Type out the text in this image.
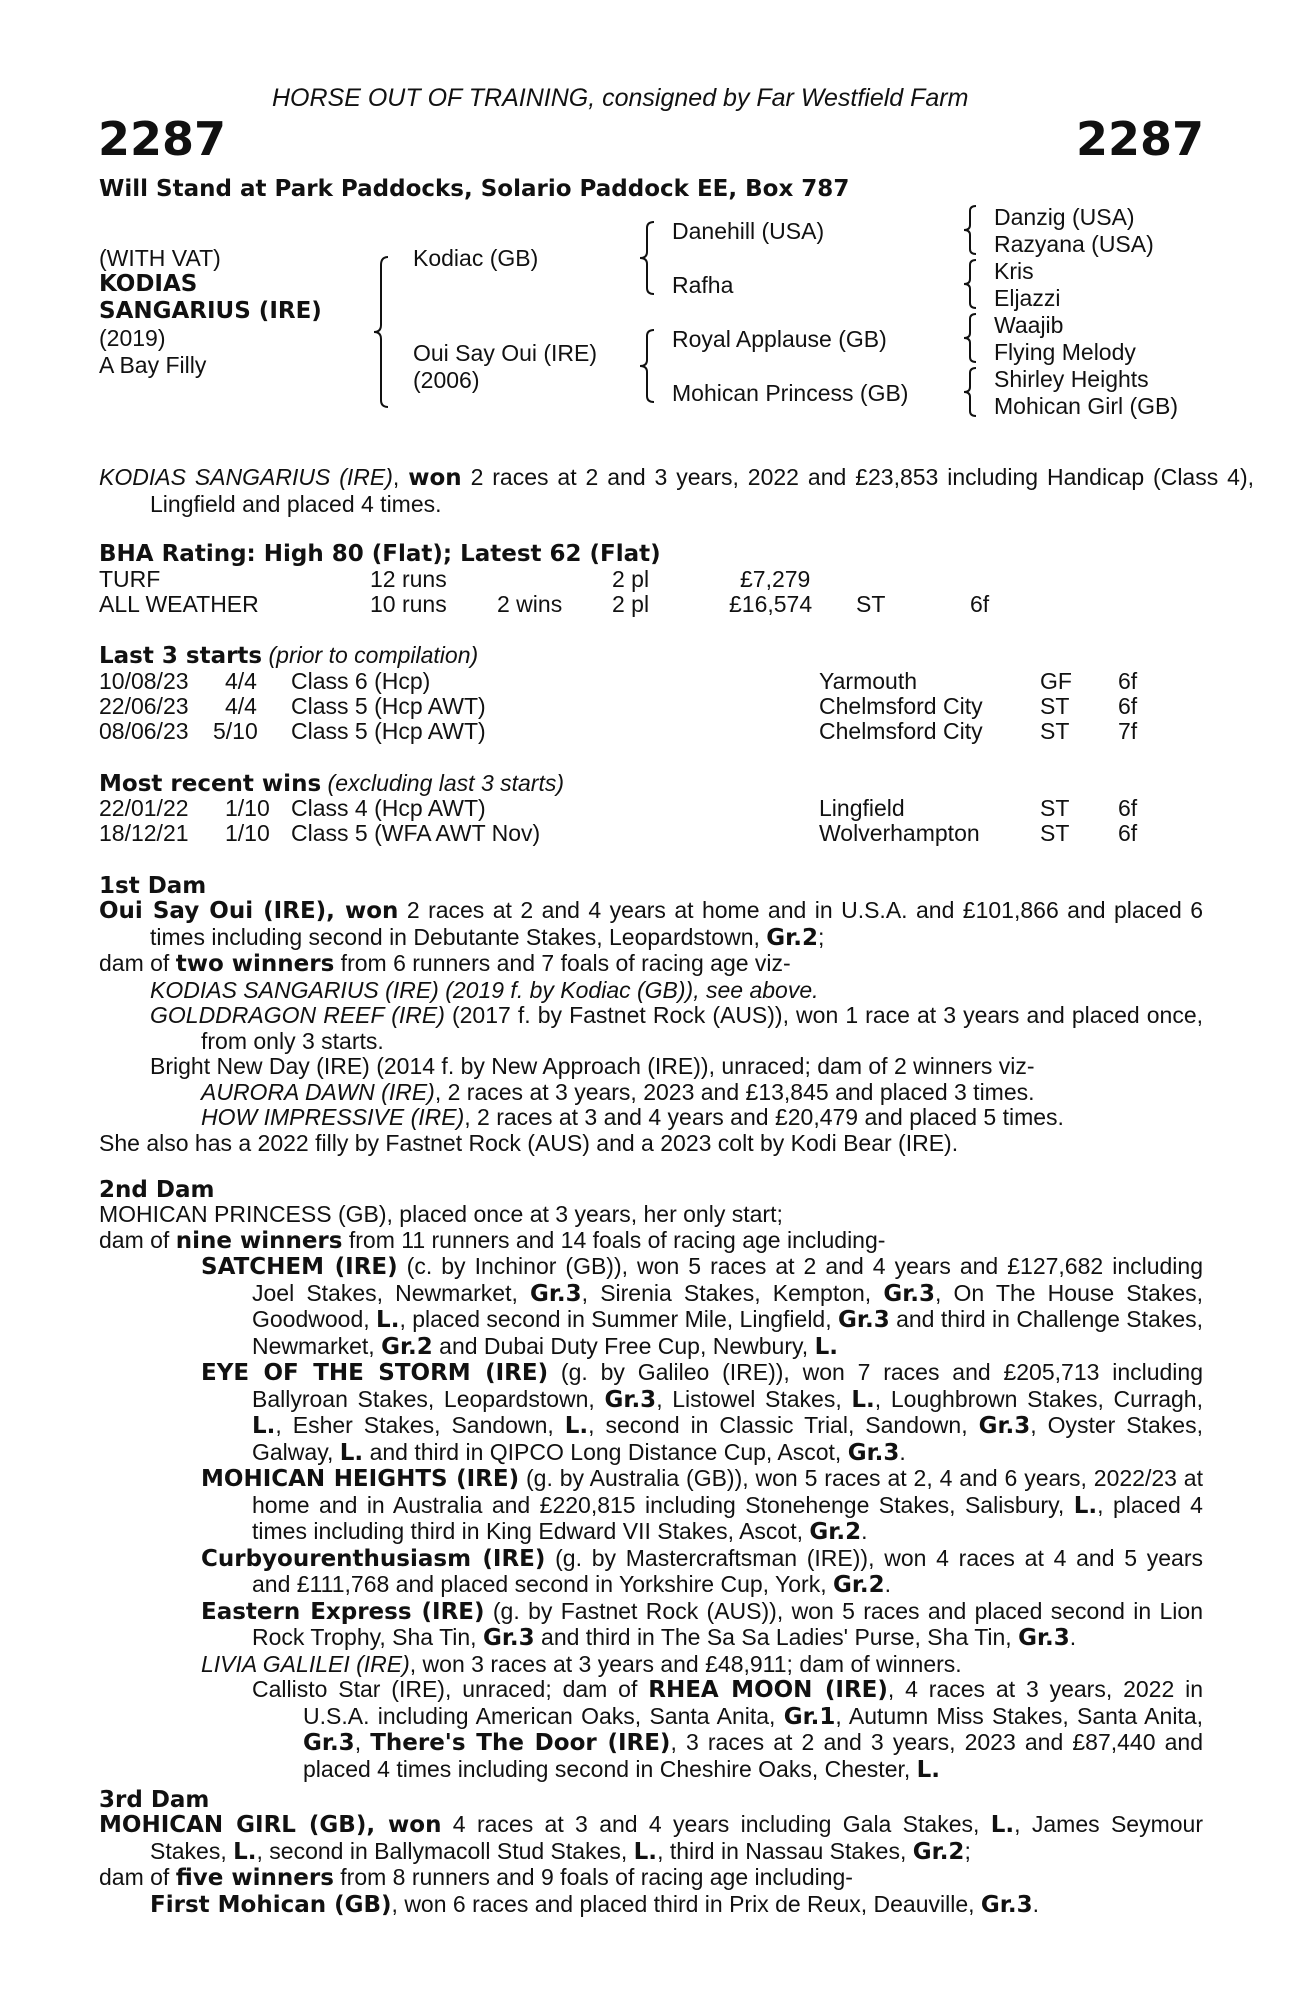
HORSE OUT OF TRAINING, consigned by Far Westfield Farm
2287	2287
Will Stand at Park Paddocks, Solario Paddock EE, Box 787
(WITH VAT)
KODIAS
SANGARIUS (IRE)
(2019)
A Bay Filly
Kodiac (GB)
Oui Say Oui (IRE)
(2006)
Danehill (USA)
Rafha
Royal Applause (GB)
Mohican Princess (GB)
Danzig (USA)
Razyana (USA)
Kris
Eljazzi
Waajib
Flying Melody
Shirley Heights
Mohican Girl (GB)
KODIAS SANGARIUS (IRE), won 2 races at 2 and 3 years, 2022 and £23,853 including Handicap (Class 4), Lingfield and placed 4 times.
BHA Rating: High 80 (Flat); Latest 62 (Flat)
TURF	12 runs	2 pl	£7,279
ALL WEATHER	10 runs 2 wins 2 pl	£16,574 ST	6f
Last 3 starts (prior to compilation)
10/08/23 4/4 Class 6 (Hcp)	Yarmouth	GF 6f
22/06/23 4/4 Class 5 (Hcp AWT)	Chelmsford City ST 6f
08/06/23 5/10 Class 5 (Hcp AWT)	Chelmsford City ST 7f
Most recent wins (excluding last 3 starts)
22/01/22 1/10 Class 4 (Hcp AWT)	Lingfield	ST 6f
18/12/21 1/10 Class 5 (WFA AWT Nov)	Wolverhampton	ST 6f
1st Dam

Oui Say Oui (IRE), won 2 races at 2 and 4 years at home and in U.S.A. and £101,866 and placed 6 times including second in Debutante Stakes, Leopardstown, Gr.2;

dam of two winners from 6 runners and 7 foals of racing age viz-

KODIAS SANGARIUS (IRE) (2019 f. by Kodiac (GB)), see above.

GOLDDRAGON REEF (IRE) (2017 f. by Fastnet Rock (AUS)), won 1 race at 3 years and placed once, from only 3 starts.

Bright New Day (IRE) (2014 f. by New Approach (IRE)), unraced; dam of 2 winners viz-

AURORA DAWN (IRE), 2 races at 3 years, 2023 and £13,845 and placed 3 times.

HOW IMPRESSIVE (IRE), 2 races at 3 and 4 years and £20,479 and placed 5 times.

She also has a 2022 filly by Fastnet Rock (AUS) and a 2023 colt by Kodi Bear (IRE).

2nd Dam

MOHICAN PRINCESS (GB), placed once at 3 years, her only start;

dam of nine winners from 11 runners and 14 foals of racing age including-

SATCHEM (IRE) (c. by Inchinor (GB)), won 5 races at 2 and 4 years and £127,682 including Joel Stakes, Newmarket, Gr.3, Sirenia Stakes, Kempton, Gr.3, On The House Stakes, Goodwood, L., placed second in Summer Mile, Lingfield, Gr.3 and third in Challenge Stakes, Newmarket, Gr.2 and Dubai Duty Free Cup, Newbury, L.

EYE OF THE STORM (IRE) (g. by Galileo (IRE)), won 7 races and £205,713 including Ballyroan Stakes, Leopardstown, Gr.3, Listowel Stakes, L., Loughbrown Stakes, Curragh, L., Esher Stakes, Sandown, L., second in Classic Trial, Sandown, Gr.3, Oyster Stakes, Galway, L. and third in QIPCO Long Distance Cup, Ascot, Gr.3.

MOHICAN HEIGHTS (IRE) (g. by Australia (GB)), won 5 races at 2, 4 and 6 years, 2022/23 at home and in Australia and £220,815 including Stonehenge Stakes, Salisbury, L., placed 4 times including third in King Edward VII Stakes, Ascot, Gr.2.

Curbyourenthusiasm (IRE) (g. by Mastercraftsman (IRE)), won 4 races at 4 and 5 years and £111,768 and placed second in Yorkshire Cup, York, Gr.2.

Eastern Express (IRE) (g. by Fastnet Rock (AUS)), won 5 races and placed second in Lion Rock Trophy, Sha Tin, Gr.3 and third in The Sa Sa Ladies' Purse, Sha Tin, Gr.3.

LIVIA GALILEI (IRE), won 3 races at 3 years and £48,911; dam of winners.

Callisto Star (IRE), unraced; dam of RHEA MOON (IRE), 4 races at 3 years, 2022 in U.S.A. including American Oaks, Santa Anita, Gr.1, Autumn Miss Stakes, Santa Anita, Gr.3, There's The Door (IRE), 3 races at 2 and 3 years, 2023 and £87,440 and placed 4 times including second in Cheshire Oaks, Chester, L.

3rd Dam

MOHICAN GIRL (GB), won 4 races at 3 and 4 years including Gala Stakes, L., James Seymour Stakes, L., second in Ballymacoll Stud Stakes, L., third in Nassau Stakes, Gr.2;

dam of five winners from 8 runners and 9 foals of racing age including-

First Mohican (GB), won 6 races and placed third in Prix de Reux, Deauville, Gr.3.
